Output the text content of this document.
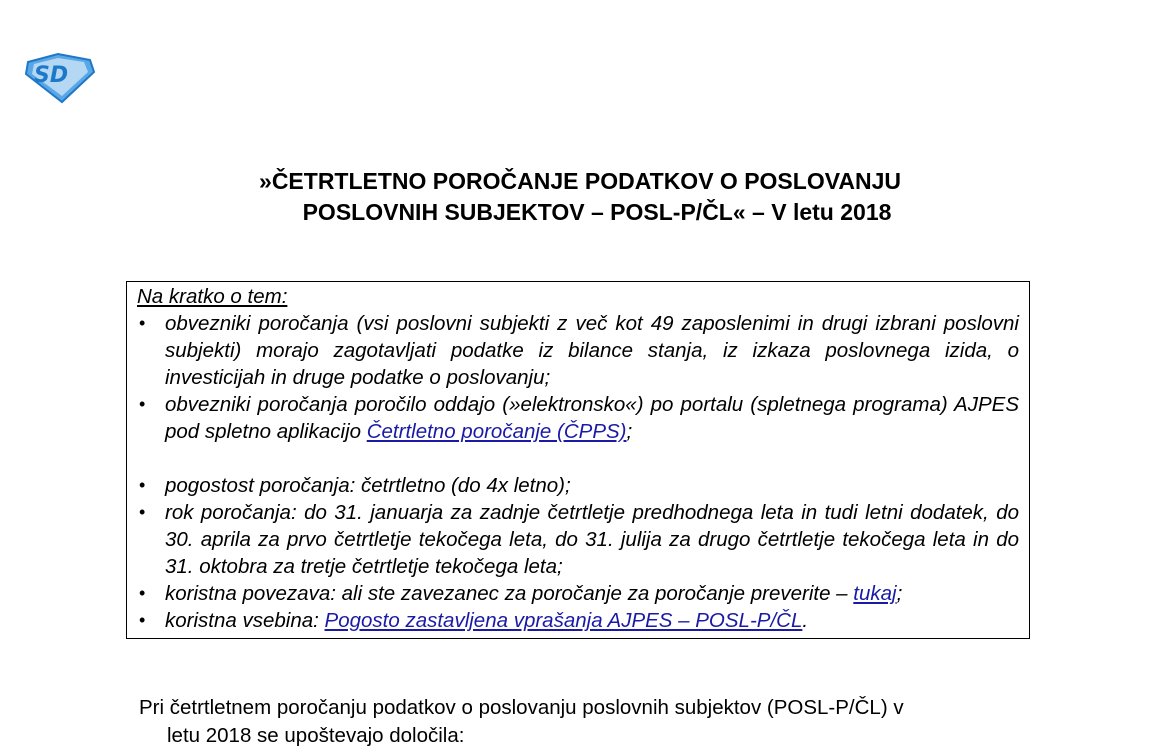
SD
»ČETRTLETNO POROČANJE PODATKOV O POSLOVANJU
POSLOVNIH SUBJEKTOV – POSL-P/ČL« – V letu 2018
Na kratko o tem:
• obvezniki poročanja (vsi poslovni subjekti z več kot 49 zaposlenimi in drugi izbrani poslovni subjekti) morajo zagotavljati podatke iz bilance stanja, iz izkaza poslovnega izida, o investicijah in druge podatke o poslovanju;
• obvezniki poročanja poročilo oddajo (»elektronsko«) po portalu (spletnega programa) AJPES pod spletno aplikacijo Četrtletno poročanje (ČPPS);
• pogostost poročanja: četrtletno (do 4x letno);
• rok poročanja: do 31. januarja za zadnje četrtletje predhodnega leta in tudi letni dodatek, do 30. aprila za prvo četrtletje tekočega leta, do 31. julija za drugo četrtletje tekočega leta in do 31. oktobra za tretje četrtletje tekočega leta;
• koristna povezava: ali ste zavezanec za poročanje za poročanje preverite – tukaj;
• koristna vsebina: Pogosto zastavljena vprašanja AJPES – POSL-P/ČL.
Pri četrtletnem poročanju podatkov o poslovanju poslovnih subjektov (POSL-P/ČL) v
letu 2018 se upoštevajo določila:
